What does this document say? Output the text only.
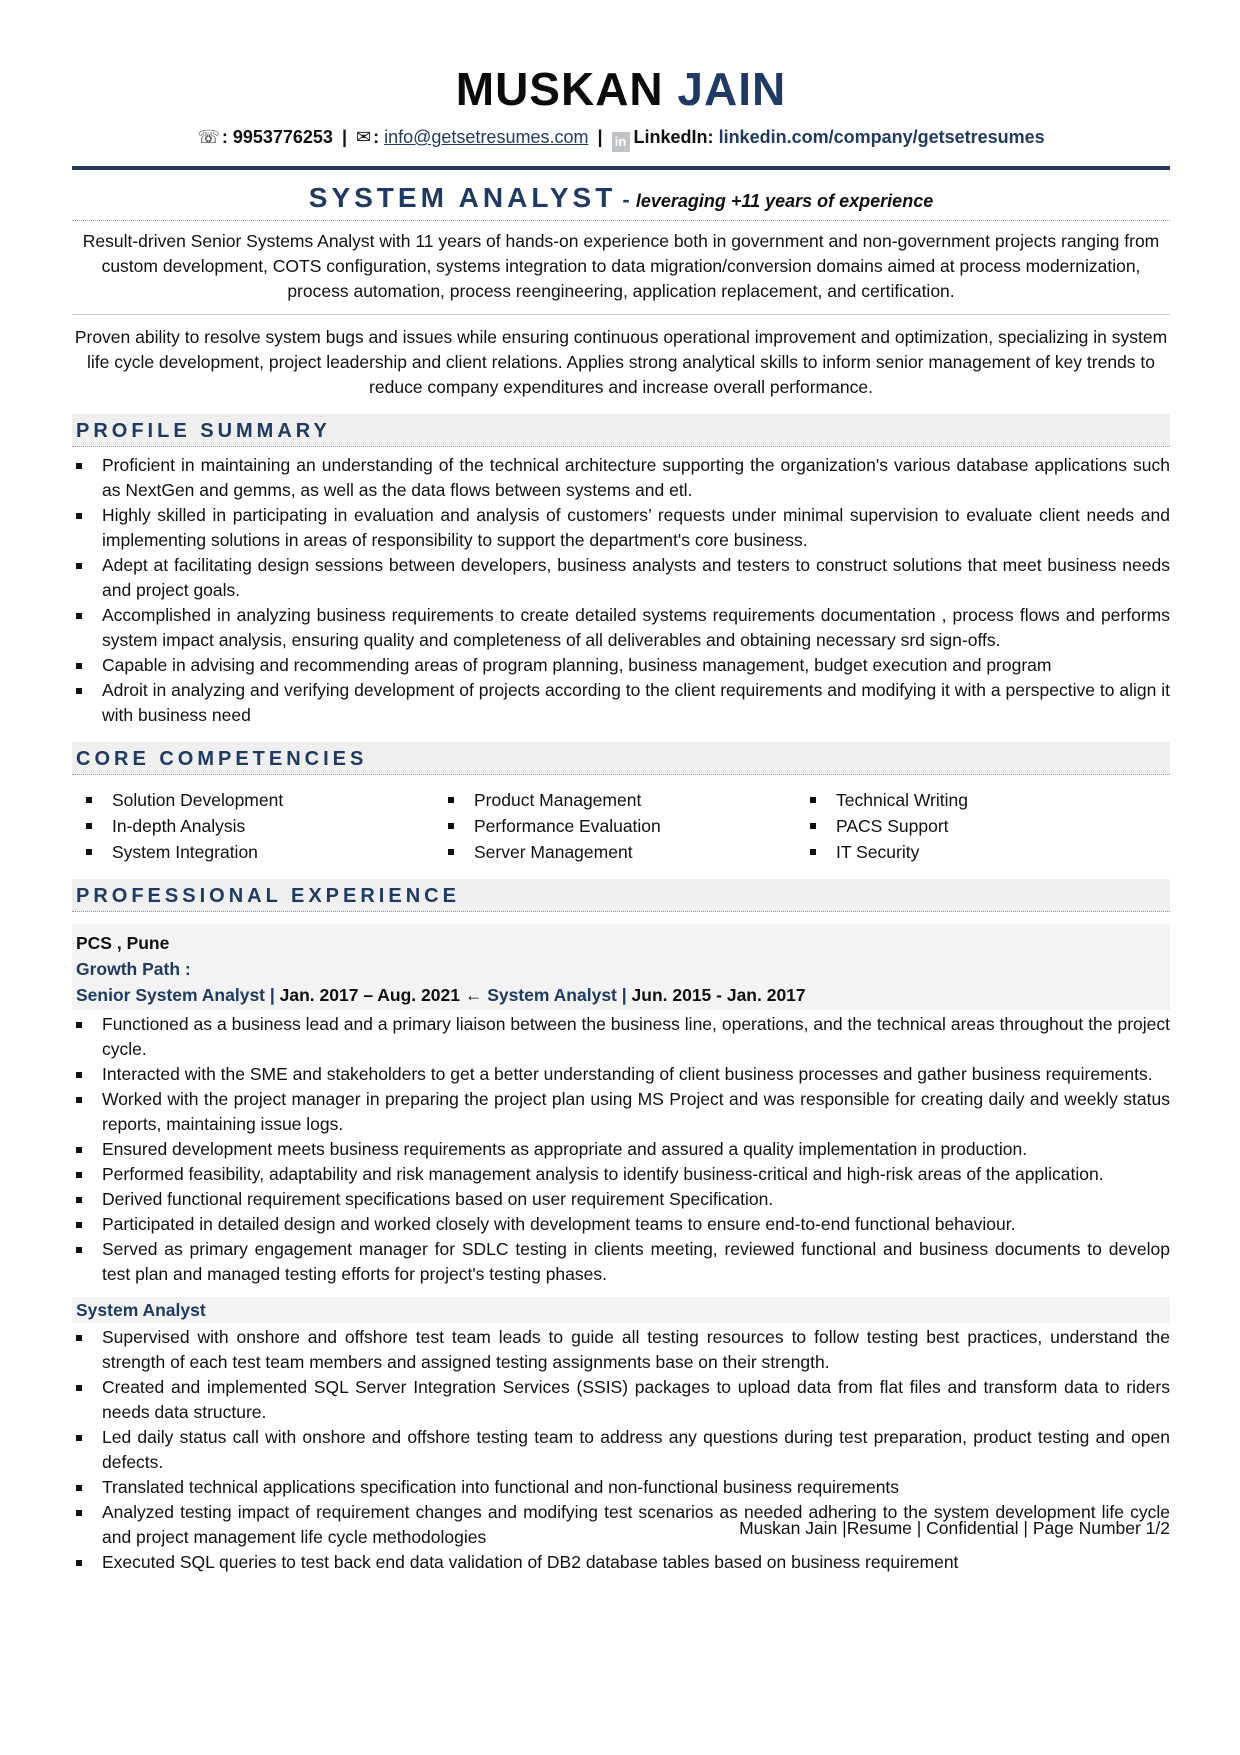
MUSKAN JAIN
☏ : 9953776253 | ✉ : info@getsetresumes.com | in LinkedIn: linkedin.com/company/getsetresumes
SYSTEM ANALYST - leveraging +11 years of experience

Result-driven Senior Systems Analyst with 11 years of hands-on experience both in government and non-government projects ranging from custom development, COTS configuration, systems integration to data migration/conversion domains aimed at process modernization, process automation, process reengineering, application replacement, and certification.

Proven ability to resolve system bugs and issues while ensuring continuous operational improvement and optimization, specializing in system life cycle development, project leadership and client relations. Applies strong analytical skills to inform senior management of key trends to reduce company expenditures and increase overall performance.

PROFILE SUMMARY
Proficient in maintaining an understanding of the technical architecture supporting the organization's various database applications such as NextGen and gemms, as well as the data flows between systems and etl.
Highly skilled in participating in evaluation and analysis of customers’ requests under minimal supervision to evaluate client needs and implementing solutions in areas of responsibility to support the department's core business.
Adept at facilitating design sessions between developers, business analysts and testers to construct solutions that meet business needs and project goals.
Accomplished in analyzing business requirements to create detailed systems requirements documentation , process flows and performs system impact analysis, ensuring quality and completeness of all deliverables and obtaining necessary srd sign-offs.
Capable in advising and recommending areas of program planning, business management, budget execution and program
Adroit in analyzing and verifying development of projects according to the client requirements and modifying it with a perspective to align it with business need
CORE COMPETENCIES
Solution Development
In-depth Analysis
System Integration
Product Management
Performance Evaluation
Server Management
Technical Writing
PACS Support
IT Security
PROFESSIONAL EXPERIENCE
PCS , Pune
Growth Path :
Senior System Analyst | Jan. 2017 – Aug. 2021 ← System Analyst | Jun. 2015 - Jan. 2017
Functioned as a business lead and a primary liaison between the business line, operations, and the technical areas throughout the project cycle.
Interacted with the SME and stakeholders to get a better understanding of client business processes and gather business requirements.
Worked with the project manager in preparing the project plan using MS Project and was responsible for creating daily and weekly status reports, maintaining issue logs.
Ensured development meets business requirements as appropriate and assured a quality implementation in production.
Performed feasibility, adaptability and risk management analysis to identify business-critical and high-risk areas of the application.
Derived functional requirement specifications based on user requirement Specification.
Participated in detailed design and worked closely with development teams to ensure end-to-end functional behaviour.
Served as primary engagement manager for SDLC testing in clients meeting, reviewed functional and business documents to develop test plan and managed testing efforts for project's testing phases.
System Analyst
Supervised with onshore and offshore test team leads to guide all testing resources to follow testing best practices, understand the strength of each test team members and assigned testing assignments base on their strength.
Created and implemented SQL Server Integration Services (SSIS) packages to upload data from flat files and transform data to riders needs data structure.
Led daily status call with onshore and offshore testing team to address any questions during test preparation, product testing and open defects.
Translated technical applications specification into functional and non-functional business requirements
Analyzed testing impact of requirement changes and modifying test scenarios as needed adhering to the system development life cycle and project management life cycle methodologies
Executed SQL queries to test back end data validation of DB2 database tables based on business requirement
Muskan Jain |Resume | Confidential | Page Number 1/2
